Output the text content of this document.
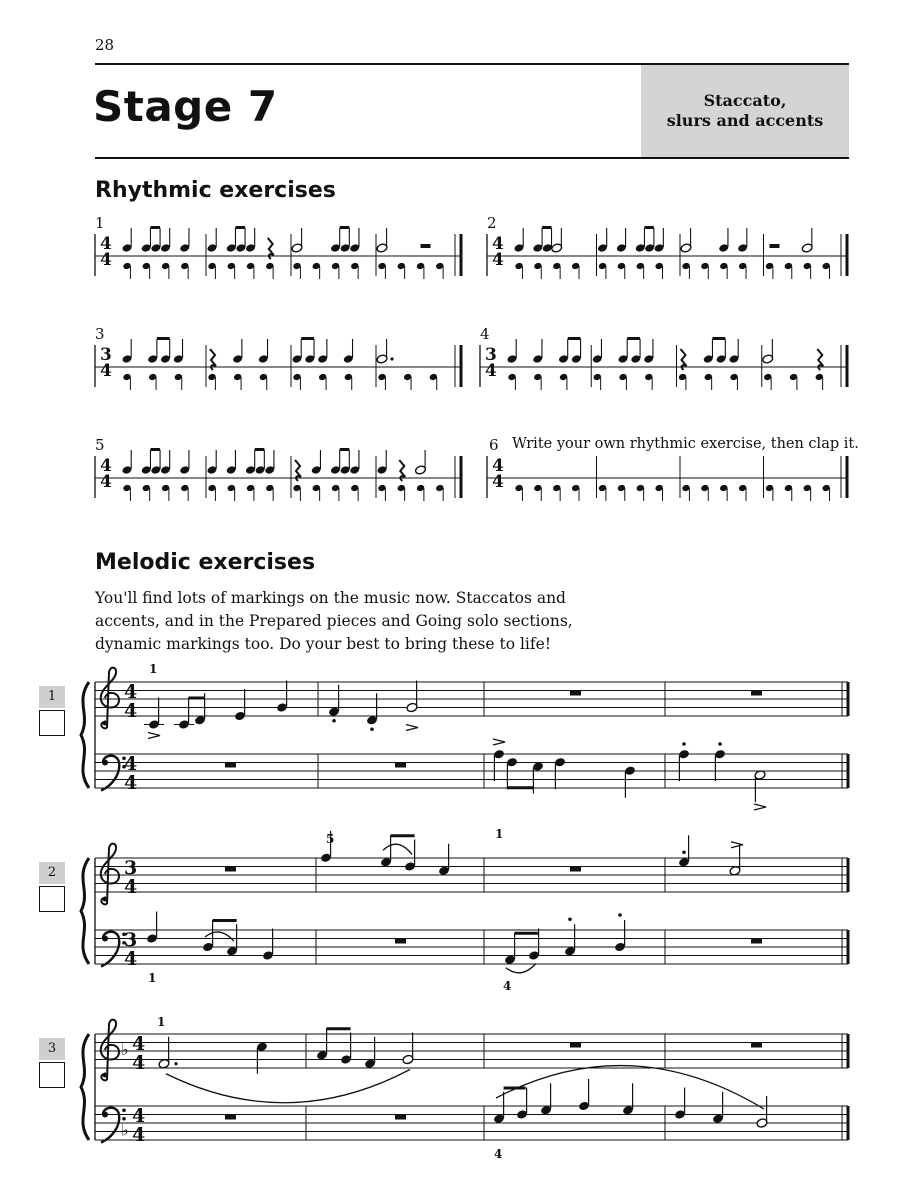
28
Stage 7	Staccato,
slurs and accents
Rhythmic exercises
1	2
3	4
5	6 Write your own rhythmic exercise, then clap it.
Melodic exercises
You'll find lots of markings on the music now. Staccatos and
accents, and in the Prepared pieces and Going solo sections,
dynamic markings too. Do your best to bring these to life!
1
2
3
4
4
4
4
3
4
3
4
4
4
4
4
4
4
4
4
1
1
3
4
3
4
5
1
4
♭
♭
4
4
4
4
1
4
